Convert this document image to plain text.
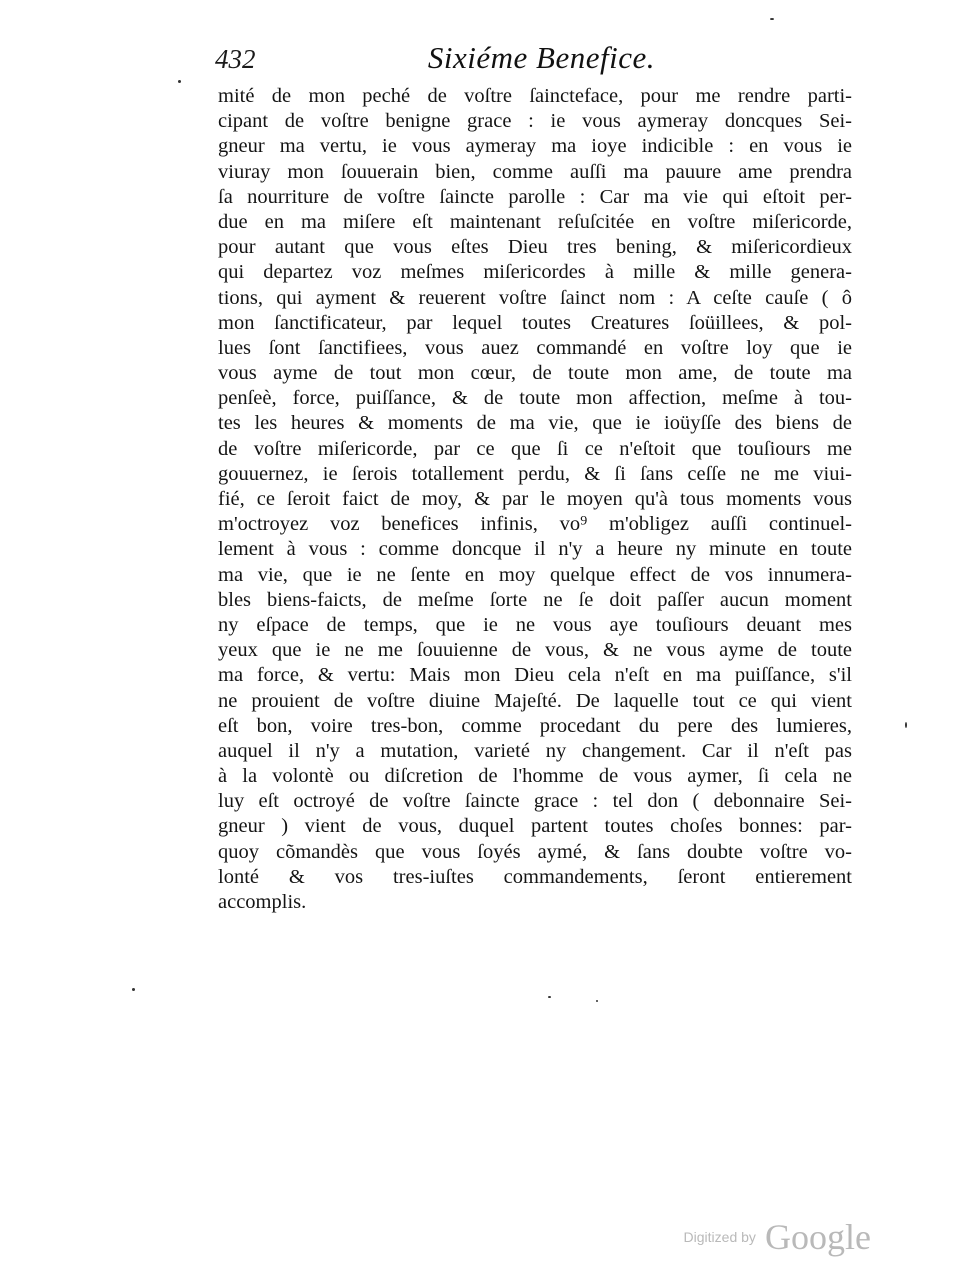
432	Sixiéme Benefice.
mité de mon peché de voſtre ſaincteface, pour me rendre parti-
cipant de voſtre benigne grace : ie vous aymeray doncques Sei-
gneur ma vertu, ie vous aymeray ma ioye indicible : en vous ie
viuray mon ſouuerain bien, comme auſſi ma pauure ame prendra
ſa nourriture de voſtre ſaincte parolle : Car ma vie qui eſtoit per-
due en ma miſere eſt maintenant reſuſcitée en voſtre miſericorde,
pour autant que vous eſtes Dieu tres bening, & miſericordieux
qui departez voz meſmes miſericordes à mille & mille genera-
tions, qui ayment & reuerent voſtre ſainct nom : A ceſte cauſe ( ô
mon ſanctificateur, par lequel toutes Creatures ſoüillees, & pol-
lues ſont ſanctifiees, vous auez commandé en voſtre loy que ie
vous ayme de tout mon cœur, de toute mon ame, de toute ma
penſeè, force, puiſſance, & de toute mon affection, meſme à tou-
tes les heures & moments de ma vie, que ie ioüyſſe des biens de
de voſtre miſericorde, par ce que ſi ce n'eſtoit que touſiours me
gouuernez, ie ſerois totallement perdu, & ſi ſans ceſſe ne me viui-
fié, ce ſeroit faict de moy, & par le moyen qu'à tous moments vous
m'octroyez voz benefices infinis, vo⁹ m'obligez auſſi continuel-
lement à vous : comme doncque il n'y a heure ny minute en toute
ma vie, que ie ne ſente en moy quelque effect de vos innumera-
bles biens-faicts, de meſme ſorte ne ſe doit paſſer aucun moment
ny eſpace de temps, que ie ne vous aye touſiours deuant mes
yeux que ie ne me ſouuienne de vous, & ne vous ayme de toute
ma force, & vertu: Mais mon Dieu cela n'eſt en ma puiſſance, s'il
ne prouient de voſtre diuine Majeſté. De laquelle tout ce qui vient
eſt bon, voire tres-bon, comme procedant du pere des lumieres,
auquel il n'y a mutation, varieté ny changement. Car il n'eſt pas
à la volontè ou diſcretion de l'homme de vous aymer, ſi cela ne
luy eſt octroyé de voſtre ſaincte grace : tel don ( debonnaire Sei-
gneur ) vient de vous, duquel partent toutes choſes bonnes: par-
quoy cõmandès que vous ſoyés aymé, & ſans doubte voſtre vo-
lonté & vos tres-iuſtes commandements, ſeront entierement
accomplis.
Digitized by Google
